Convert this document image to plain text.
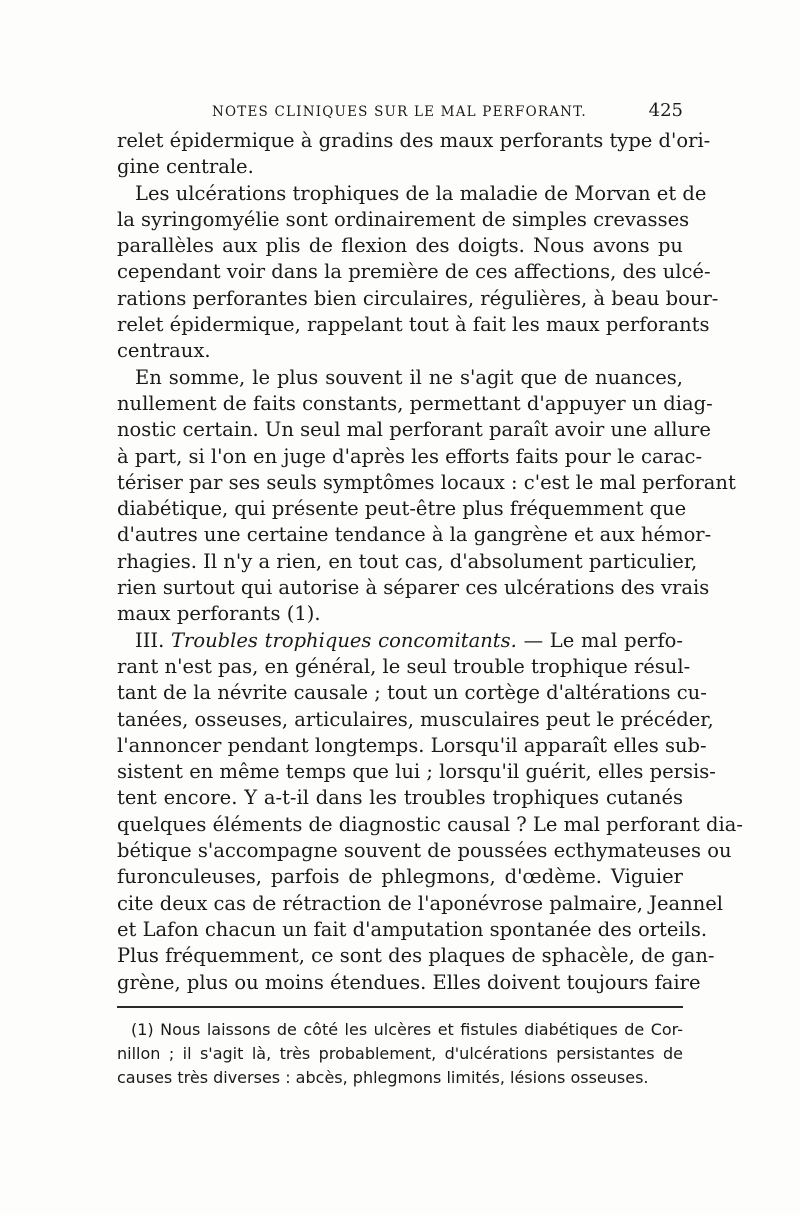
NOTES CLINIQUES SUR LE MAL PERFORANT.	425
relet épidermique à gradins des maux perforants type d'ori-
gine centrale.
Les ulcérations trophiques de la maladie de Morvan et de
la syringomyélie sont ordinairement de simples crevasses
parallèles aux plis de flexion des doigts. Nous avons pu
cependant voir dans la première de ces affections, des ulcé-
rations perforantes bien circulaires, régulières, à beau bour-
relet épidermique, rappelant tout à fait les maux perforants
centraux.
En somme, le plus souvent il ne s'agit que de nuances,
nullement de faits constants, permettant d'appuyer un diag-
nostic certain. Un seul mal perforant paraît avoir une allure
à part, si l'on en juge d'après les efforts faits pour le carac-
tériser par ses seuls symptômes locaux : c'est le mal perforant
diabétique, qui présente peut-être plus fréquemment que
d'autres une certaine tendance à la gangrène et aux hémor-
rhagies. Il n'y a rien, en tout cas, d'absolument particulier,
rien surtout qui autorise à séparer ces ulcérations des vrais
maux perforants (1).
III. Troubles trophiques concomitants. — Le mal perfo-
rant n'est pas, en général, le seul trouble trophique résul-
tant de la névrite causale ; tout un cortège d'altérations cu-
tanées, osseuses, articulaires, musculaires peut le précéder,
l'annoncer pendant longtemps. Lorsqu'il apparaît elles sub-
sistent en même temps que lui ; lorsqu'il guérit, elles persis-
tent encore. Y a-t-il dans les troubles trophiques cutanés
quelques éléments de diagnostic causal ? Le mal perforant dia-
bétique s'accompagne souvent de poussées ecthymateuses ou
furonculeuses, parfois de phlegmons, d'œdème. Viguier
cite deux cas de rétraction de l'aponévrose palmaire, Jeannel
et Lafon chacun un fait d'amputation spontanée des orteils.
Plus fréquemment, ce sont des plaques de sphacèle, de gan-
grène, plus ou moins étendues. Elles doivent toujours faire
(1) Nous laissons de côté les ulcères et fistules diabétiques de Cor-
nillon ; il s'agit là, très probablement, d'ulcérations persistantes de
causes très diverses : abcès, phlegmons limités, lésions osseuses.
